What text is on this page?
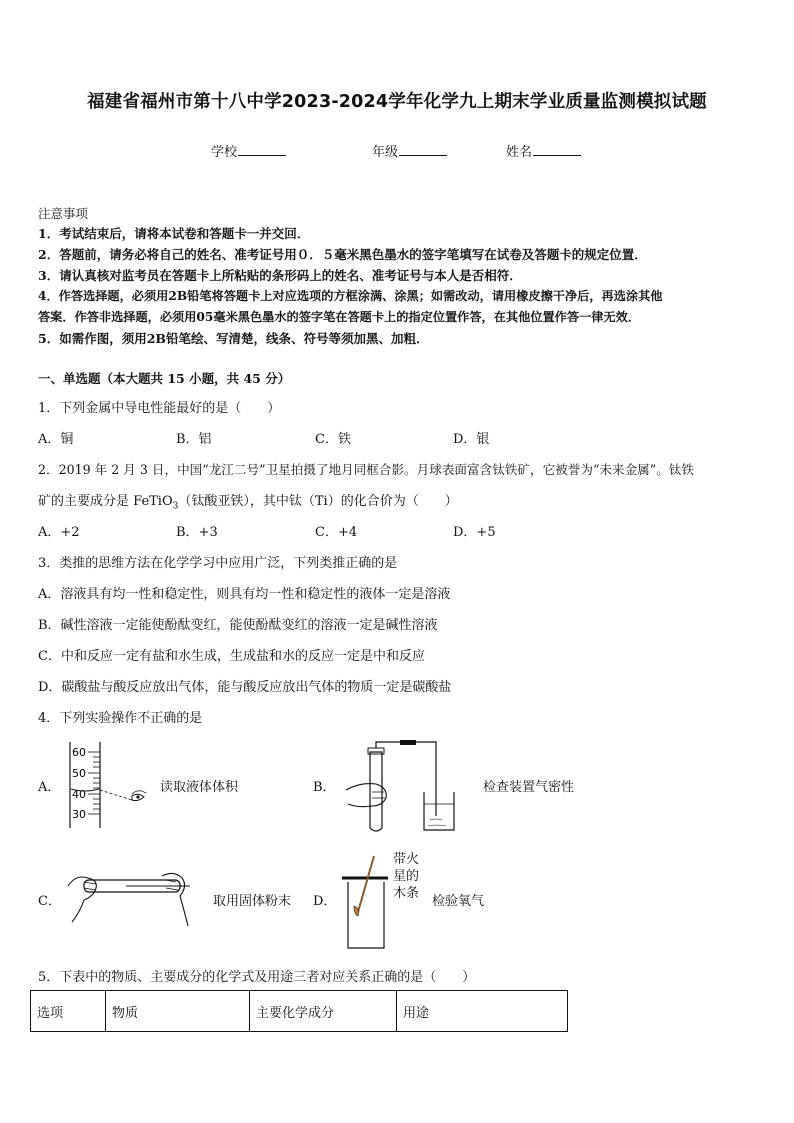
福建省福州市第十八中学2023-2024学年化学九上期末学业质量监测模拟试题
学校	年级	姓名
注意事项
1．考试结束后，请将本试卷和答题卡一并交回．
2．答题前，请务必将自己的姓名、准考证号用０．５毫米黑色墨水的签字笔填写在试卷及答题卡的规定位置．
3．请认真核对监考员在答题卡上所粘贴的条形码上的姓名、准考证号与本人是否相符．
4．作答选择题，必须用2B铅笔将答题卡上对应选项的方框涂满、涂黑；如需改动，请用橡皮擦干净后，再选涂其他
答案．作答非选择题，必须用05毫米黑色墨水的签字笔在答题卡上的指定位置作答，在其他位置作答一律无效．
5．如需作图，须用2B铅笔绘、写清楚，线条、符号等须加黑、加粗．
一、单选题（本大题共 15 小题，共 45 分）
1．下列金属中导电性能最好的是（　　）
A．铜	B．铝	C．铁	D．银
2．2019 年 2 月 3 日，中国“龙江二号”卫星拍摄了地月同框合影。月球表面富含钛铁矿，它被誉为“未来金属”。钛铁
矿的主要成分是 FeTiO$_3$（钛酸亚铁），其中钛（Ti）的化合价为（　　）
A．+2	B．+3	C．+4	D．+5
3．类推的思维方法在化学学习中应用广泛，下列类推正确的是
A．溶液具有均一性和稳定性，则具有均一性和稳定性的液体一定是溶液
B．碱性溶液一定能使酚酞变红，能使酚酞变红的溶液一定是碱性溶液
C．中和反应一定有盐和水生成，生成盐和水的反应一定是中和反应
D．碳酸盐与酸反应放出气体，能与酸反应放出气体的物质一定是碳酸盐
4．下列实验操作不正确的是
A．
60
50
40
30
读取液体体积	B．	检查装置气密性
C．	取用固体粉末 D．
带火
星的
木条
检验氧气
5．下表中的物质、主要成分的化学式及用途三者对应关系正确的是（　　）
选项	物质	主要化学成分	用途
